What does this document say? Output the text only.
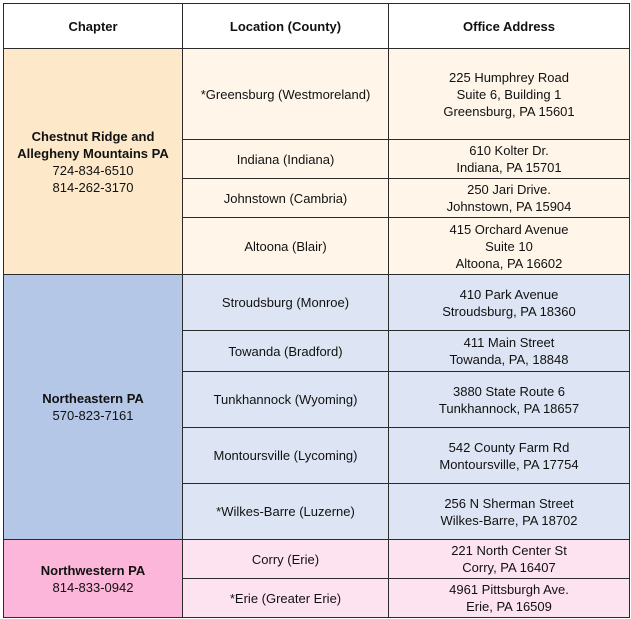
Chapter	Location (County)	Office Address

Chestnut Ridge and
Allegheny Mountains PA
724-834-6510
814-262-3170	*Greensburg (Westmoreland)	225 Humphrey Road
Suite 6, Building 1
Greensburg, PA 15601

	Indiana (Indiana)	610 Kolter Dr.
Indiana, PA 15701

	Johnstown (Cambria)	250 Jari Drive.
Johnstown, PA 15904

	Altoona (Blair)	415 Orchard Avenue
Suite 10
Altoona, PA 16602

Northeastern PA
570-823-7161	Stroudsburg (Monroe)	410 Park Avenue
Stroudsburg, PA 18360

	Towanda (Bradford)	411 Main Street
Towanda, PA, 18848

	Tunkhannock (Wyoming)	3880 State Route 6
Tunkhannock, PA 18657

	Montoursville (Lycoming)	542 County Farm Rd
Montoursville, PA 17754

	*Wilkes-Barre (Luzerne)	256 N Sherman Street
Wilkes-Barre, PA 18702

Northwestern PA
814-833-0942	Corry (Erie)	221 North Center St
Corry, PA 16407

	*Erie (Greater Erie)	4961 Pittsburgh Ave.
Erie, PA 16509
